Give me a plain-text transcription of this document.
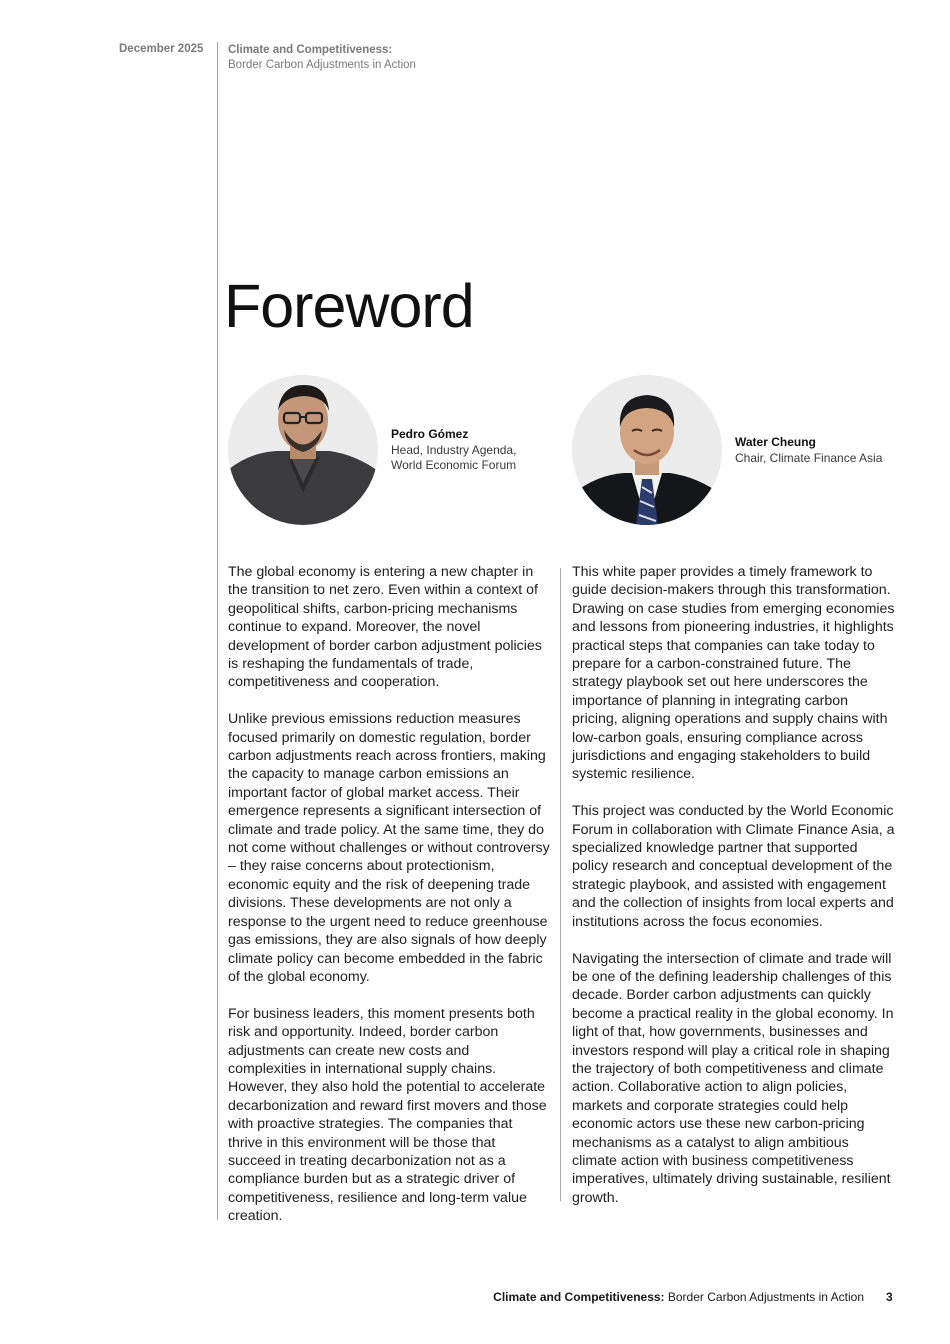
December 2025	Climate and Competitiveness:
Border Carbon Adjustments in Action
Foreword
Pedro Gómez
Head, Industry Agenda,
World Economic Forum
Water Cheung
Chair, Climate Finance Asia

The global economy is entering a new chapter in the transition to net zero. Even within a context of geopolitical shifts, carbon-pricing mechanisms continue to expand. Moreover, the novel development of border carbon adjustment policies is reshaping the fundamentals of trade, competitiveness and cooperation.

Unlike previous emissions reduction measures focused primarily on domestic regulation, border carbon adjustments reach across frontiers, making the capacity to manage carbon emissions an important factor of global market access. Their emergence represents a significant intersection of climate and trade policy. At the same time, they do not come without challenges or without controversy – they raise concerns about protectionism, economic equity and the risk of deepening trade divisions. These developments are not only a response to the urgent need to reduce greenhouse gas emissions, they are also signals of how deeply climate policy can become embedded in the fabric of the global economy.

For business leaders, this moment presents both risk and opportunity. Indeed, border carbon adjustments can create new costs and complexities in international supply chains. However, they also hold the potential to accelerate decarbonization and reward first movers and those with proactive strategies. The companies that thrive in this environment will be those that succeed in treating decarbonization not as a compliance burden but as a strategic driver of competitiveness, resilience and long-term value creation.

This white paper provides a timely framework to guide decision-makers through this transformation. Drawing on case studies from emerging economies and lessons from pioneering industries, it highlights practical steps that companies can take today to prepare for a carbon-constrained future. The strategy playbook set out here underscores the importance of planning in integrating carbon pricing, aligning operations and supply chains with low-carbon goals, ensuring compliance across jurisdictions and engaging stakeholders to build systemic resilience.

This project was conducted by the World Economic Forum in collaboration with Climate Finance Asia, a specialized knowledge partner that supported policy research and conceptual development of the strategic playbook, and assisted with engagement and the collection of insights from local experts and institutions across the focus economies.

Navigating the intersection of climate and trade will be one of the defining leadership challenges of this decade. Border carbon adjustments can quickly become a practical reality in the global economy. In light of that, how governments, businesses and investors respond will play a critical role in shaping the trajectory of both competitiveness and climate action. Collaborative action to align policies, markets and corporate strategies could help economic actors use these new carbon-pricing mechanisms as a catalyst to align ambitious climate action with business competitiveness imperatives, ultimately driving sustainable, resilient growth.

Climate and Competitiveness: Border Carbon Adjustments in Action 3
